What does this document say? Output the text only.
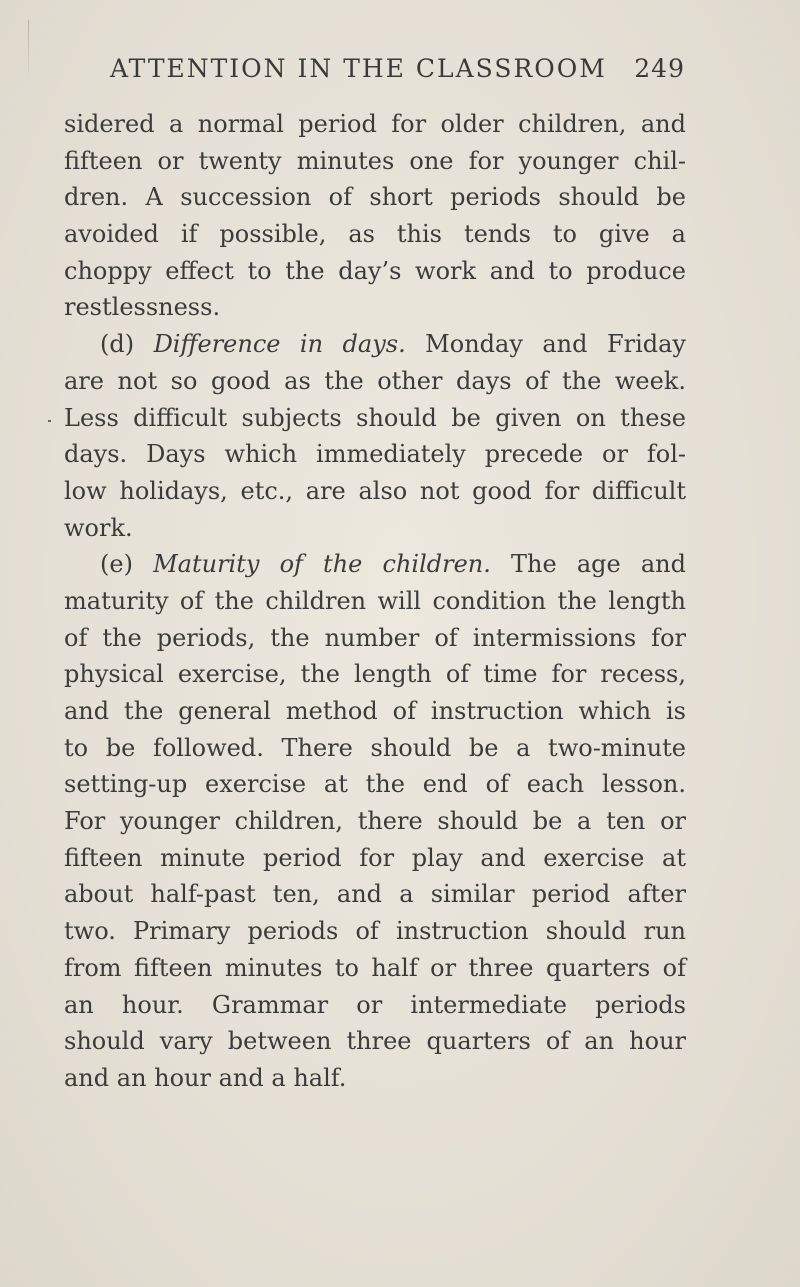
ATTENTION IN THE CLASSROOM 249
sidered a normal period for older children, and
fifteen or twenty minutes one for younger chil-
dren. A succession of short periods should be
avoided if possible, as this tends to give a
choppy effect to the day’s work and to produce
restlessness.
(d) Difference in days. Monday and Friday
are not so good as the other days of the week.
Less difficult subjects should be given on these
days. Days which immediately precede or fol-
low holidays, etc., are also not good for difficult
work.
(e) Maturity of the children. The age and
maturity of the children will condition the length
of the periods, the number of intermissions for
physical exercise, the length of time for recess,
and the general method of instruction which is
to be followed. There should be a two-minute
setting-up exercise at the end of each lesson.
For younger children, there should be a ten or
fifteen minute period for play and exercise at
about half-past ten, and a similar period after
two. Primary periods of instruction should run
from fifteen minutes to half or three quarters of
an hour. Grammar or intermediate periods
should vary between three quarters of an hour
and an hour and a half.
